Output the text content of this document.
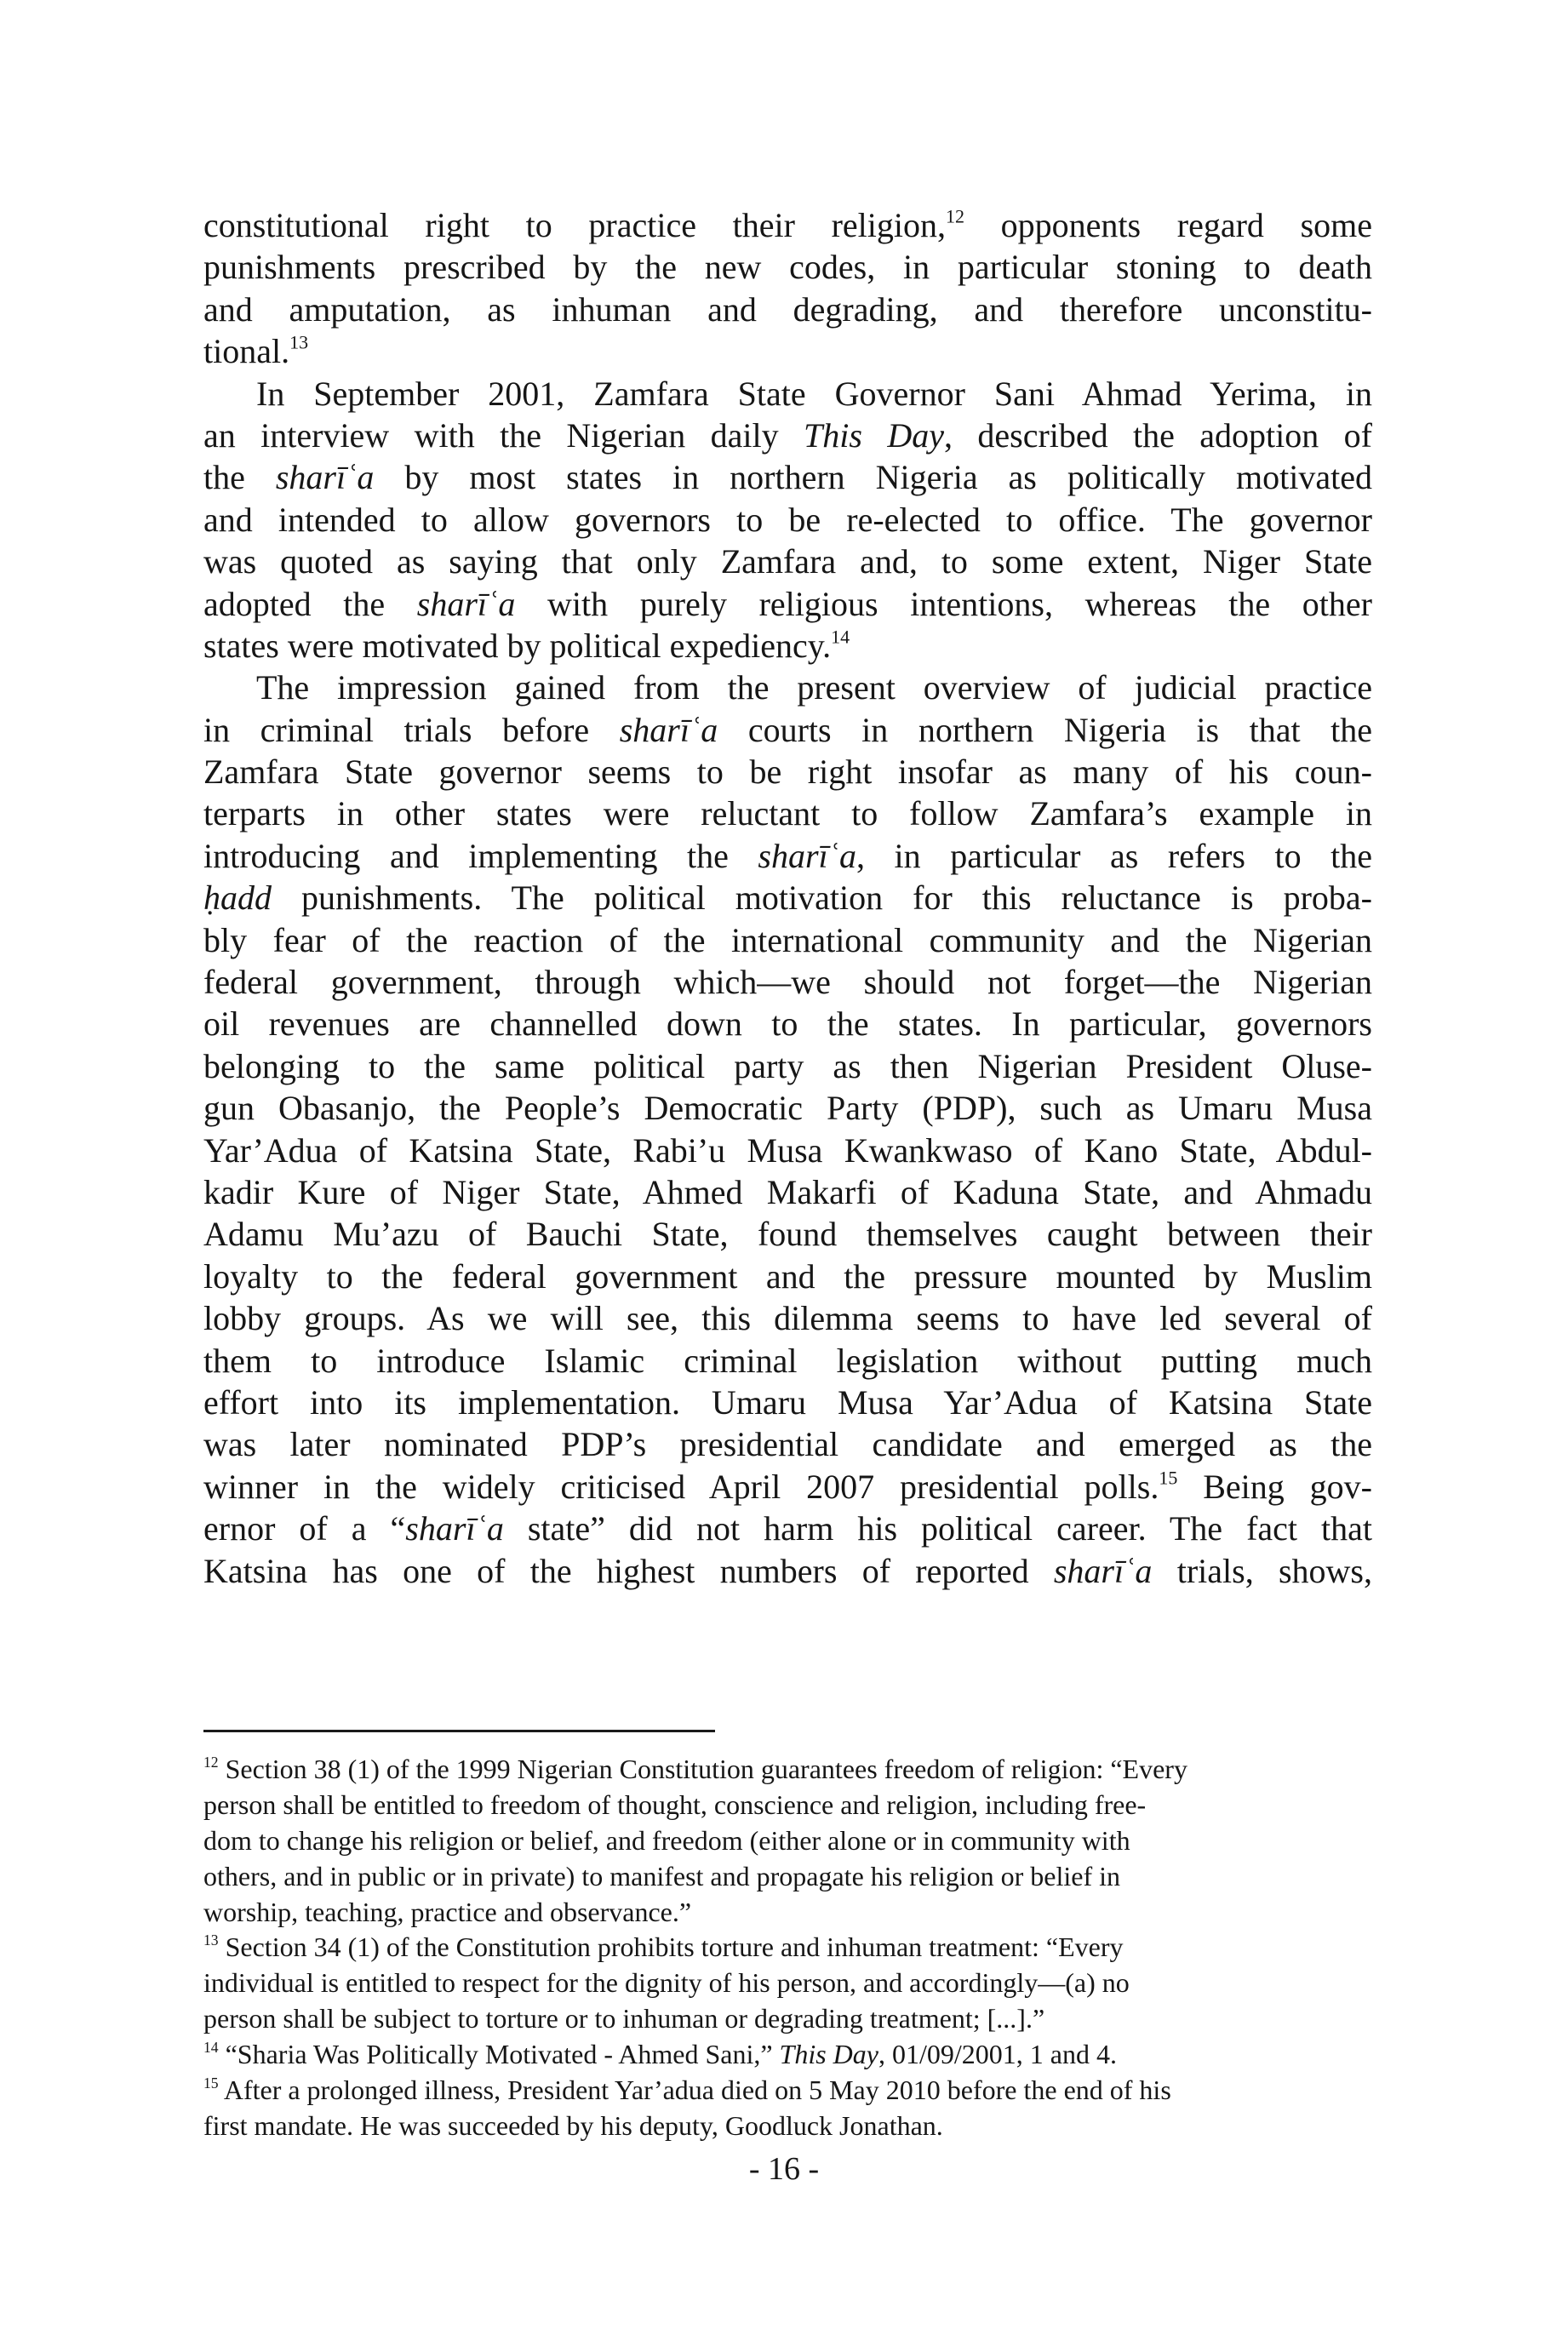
constitutional right to practice their religion,$^{12}$ opponents regard some
punishments prescribed by the new codes, in particular stoning to death
and amputation, as inhuman and degrading, and therefore unconstitu-
tional.$^{13}$
In September 2001, Zamfara State Governor Sani Ahmad Yerima, in
an interview with the Nigerian daily This Day, described the adoption of
the sharīʿa by most states in northern Nigeria as politically motivated
and intended to allow governors to be re-elected to office. The governor
was quoted as saying that only Zamfara and, to some extent, Niger State
adopted the sharīʿa with purely religious intentions, whereas the other
states were motivated by political expediency.$^{14}$
The impression gained from the present overview of judicial practice
in criminal trials before sharīʿa courts in northern Nigeria is that the
Zamfara State governor seems to be right insofar as many of his coun-
terparts in other states were reluctant to follow Zamfara’s example in
introducing and implementing the sharīʿa, in particular as refers to the
ḥadd punishments. The political motivation for this reluctance is proba-
bly fear of the reaction of the international community and the Nigerian
federal government, through which—we should not forget—the Nigerian
oil revenues are channelled down to the states. In particular, governors
belonging to the same political party as then Nigerian President Oluse-
gun Obasanjo, the People’s Democratic Party (PDP), such as Umaru Musa
Yar’Adua of Katsina State, Rabi’u Musa Kwankwaso of Kano State, Abdul-
kadir Kure of Niger State, Ahmed Makarfi of Kaduna State, and Ahmadu
Adamu Mu’azu of Bauchi State, found themselves caught between their
loyalty to the federal government and the pressure mounted by Muslim
lobby groups. As we will see, this dilemma seems to have led several of
them to introduce Islamic criminal legislation without putting much
effort into its implementation. Umaru Musa Yar’Adua of Katsina State
was later nominated PDP’s presidential candidate and emerged as the
winner in the widely criticised April 2007 presidential polls.$^{15}$ Being gov-
ernor of a “sharīʿa state” did not harm his political career. The fact that
Katsina has one of the highest numbers of reported sharīʿa trials, shows,
$^{12}$ Section 38 (1) of the 1999 Nigerian Constitution guarantees freedom of religion: “Every
person shall be entitled to freedom of thought, conscience and religion, including free-
dom to change his religion or belief, and freedom (either alone or in community with
others, and in public or in private) to manifest and propagate his religion or belief in
worship, teaching, practice and observance.”
$^{13}$ Section 34 (1) of the Constitution prohibits torture and inhuman treatment: “Every
individual is entitled to respect for the dignity of his person, and accordingly—(a) no
person shall be subject to torture or to inhuman or degrading treatment; [...].”
$^{14}$ “Sharia Was Politically Motivated - Ahmed Sani,” This Day, 01/09/2001, 1 and 4.
$^{15}$ After a prolonged illness, President Yar’adua died on 5 May 2010 before the end of his
first mandate. He was succeeded by his deputy, Goodluck Jonathan.
- 16 -
